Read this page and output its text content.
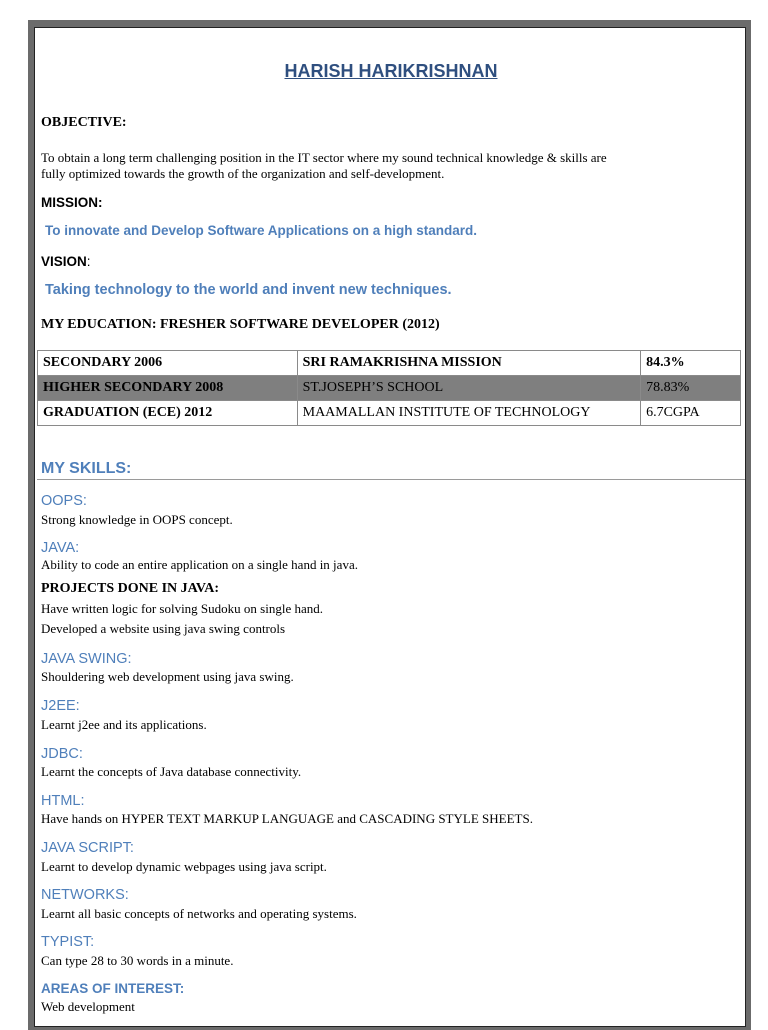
HARISH HARIKRISHNAN
OBJECTIVE:
To obtain a long term challenging position in the IT sector where my sound technical knowledge & skills are
fully optimized towards the growth of the organization and self-development.
MISSION:
To innovate and Develop Software Applications on a high standard.
VISION:
Taking technology to the world and invent new techniques.
MY EDUCATION: FRESHER SOFTWARE DEVELOPER (2012)
SECONDARY 2006	SRI RAMAKRISHNA MISSION	84.3%
HIGHER SECONDARY 2008	ST.JOSEPH’S SCHOOL	78.83%
GRADUATION (ECE) 2012	MAAMALLAN INSTITUTE OF TECHNOLOGY	6.7CGPA
MY SKILLS:
OOPS:
Strong knowledge in OOPS concept.
JAVA:
Ability to code an entire application on a single hand in java.
PROJECTS DONE IN JAVA:
Have written logic for solving Sudoku on single hand.
Developed a website using java swing controls
JAVA SWING:
Shouldering web development using java swing.
J2EE:
Learnt j2ee and its applications.
JDBC:
Learnt the concepts of Java database connectivity.
HTML:
Have hands on HYPER TEXT MARKUP LANGUAGE and CASCADING STYLE SHEETS.
JAVA SCRIPT:
Learnt to develop dynamic webpages using java script.
NETWORKS:
Learnt all basic concepts of networks and operating systems.
TYPIST:
Can type 28 to 30 words in a minute.
AREAS OF INTEREST:
Web development
